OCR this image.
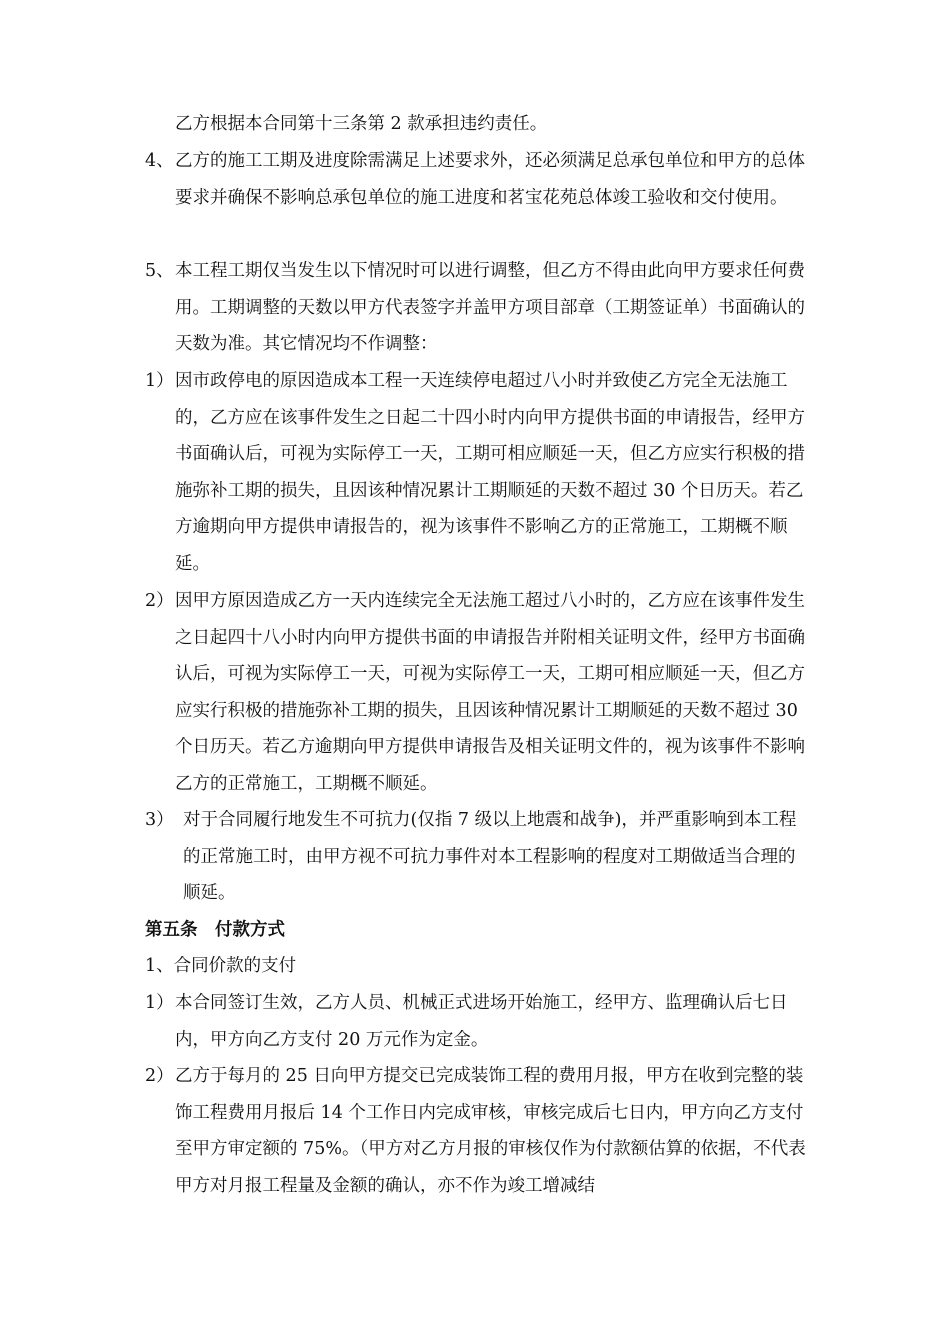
乙方根据本合同第十三条第 2 款承担违约责任。

4、乙方的施工工期及进度除需满足上述要求外，还必须满足总承包单位和甲方的总体要求并确保不影响总承包单位的施工进度和茗宝花苑总体竣工验收和交付使用。

5、本工程工期仅当发生以下情况时可以进行调整，但乙方不得由此向甲方要求任何费用。工期调整的天数以甲方代表签字并盖甲方项目部章（工期签证单）书面确认的天数为准。其它情况均不作调整：

1）因市政停电的原因造成本工程一天连续停电超过八小时并致使乙方完全无法施工的，乙方应在该事件发生之日起二十四小时内向甲方提供书面的申请报告，经甲方书面确认后，可视为实际停工一天，工期可相应顺延一天，但乙方应实行积极的措施弥补工期的损失，且因该种情况累计工期顺延的天数不超过 30 个日历天。若乙方逾期向甲方提供申请报告的，视为该事件不影响乙方的正常施工，工期概不顺延。

2）因甲方原因造成乙方一天内连续完全无法施工超过八小时的，乙方应在该事件发生之日起四十八小时内向甲方提供书面的申请报告并附相关证明文件，经甲方书面确认后，可视为实际停工一天，可视为实际停工一天，工期可相应顺延一天，但乙方应实行积极的措施弥补工期的损失，且因该种情况累计工期顺延的天数不超过 30 个日历天。若乙方逾期向甲方提供申请报告及相关证明文件的，视为该事件不影响乙方的正常施工，工期概不顺延。

3） 对于合同履行地发生不可抗力(仅指 7 级以上地震和战争)，并严重影响到本工程的正常施工时，由甲方视不可抗力事件对本工程影响的程度对工期做适当合理的顺延。

第五条　付款方式

1、合同价款的支付

1）本合同签订生效，乙方人员、机械正式进场开始施工，经甲方、监理确认后七日内，甲方向乙方支付 20 万元作为定金。

2）乙方于每月的 25 日向甲方提交已完成装饰工程的费用月报，甲方在收到完整的装饰工程费用月报后 14 个工作日内完成审核，审核完成后七日内，甲方向乙方支付至甲方审定额的 75%。（甲方对乙方月报的审核仅作为付款额估算的依据，不代表甲方对月报工程量及金额的确认，亦不作为竣工增减结
